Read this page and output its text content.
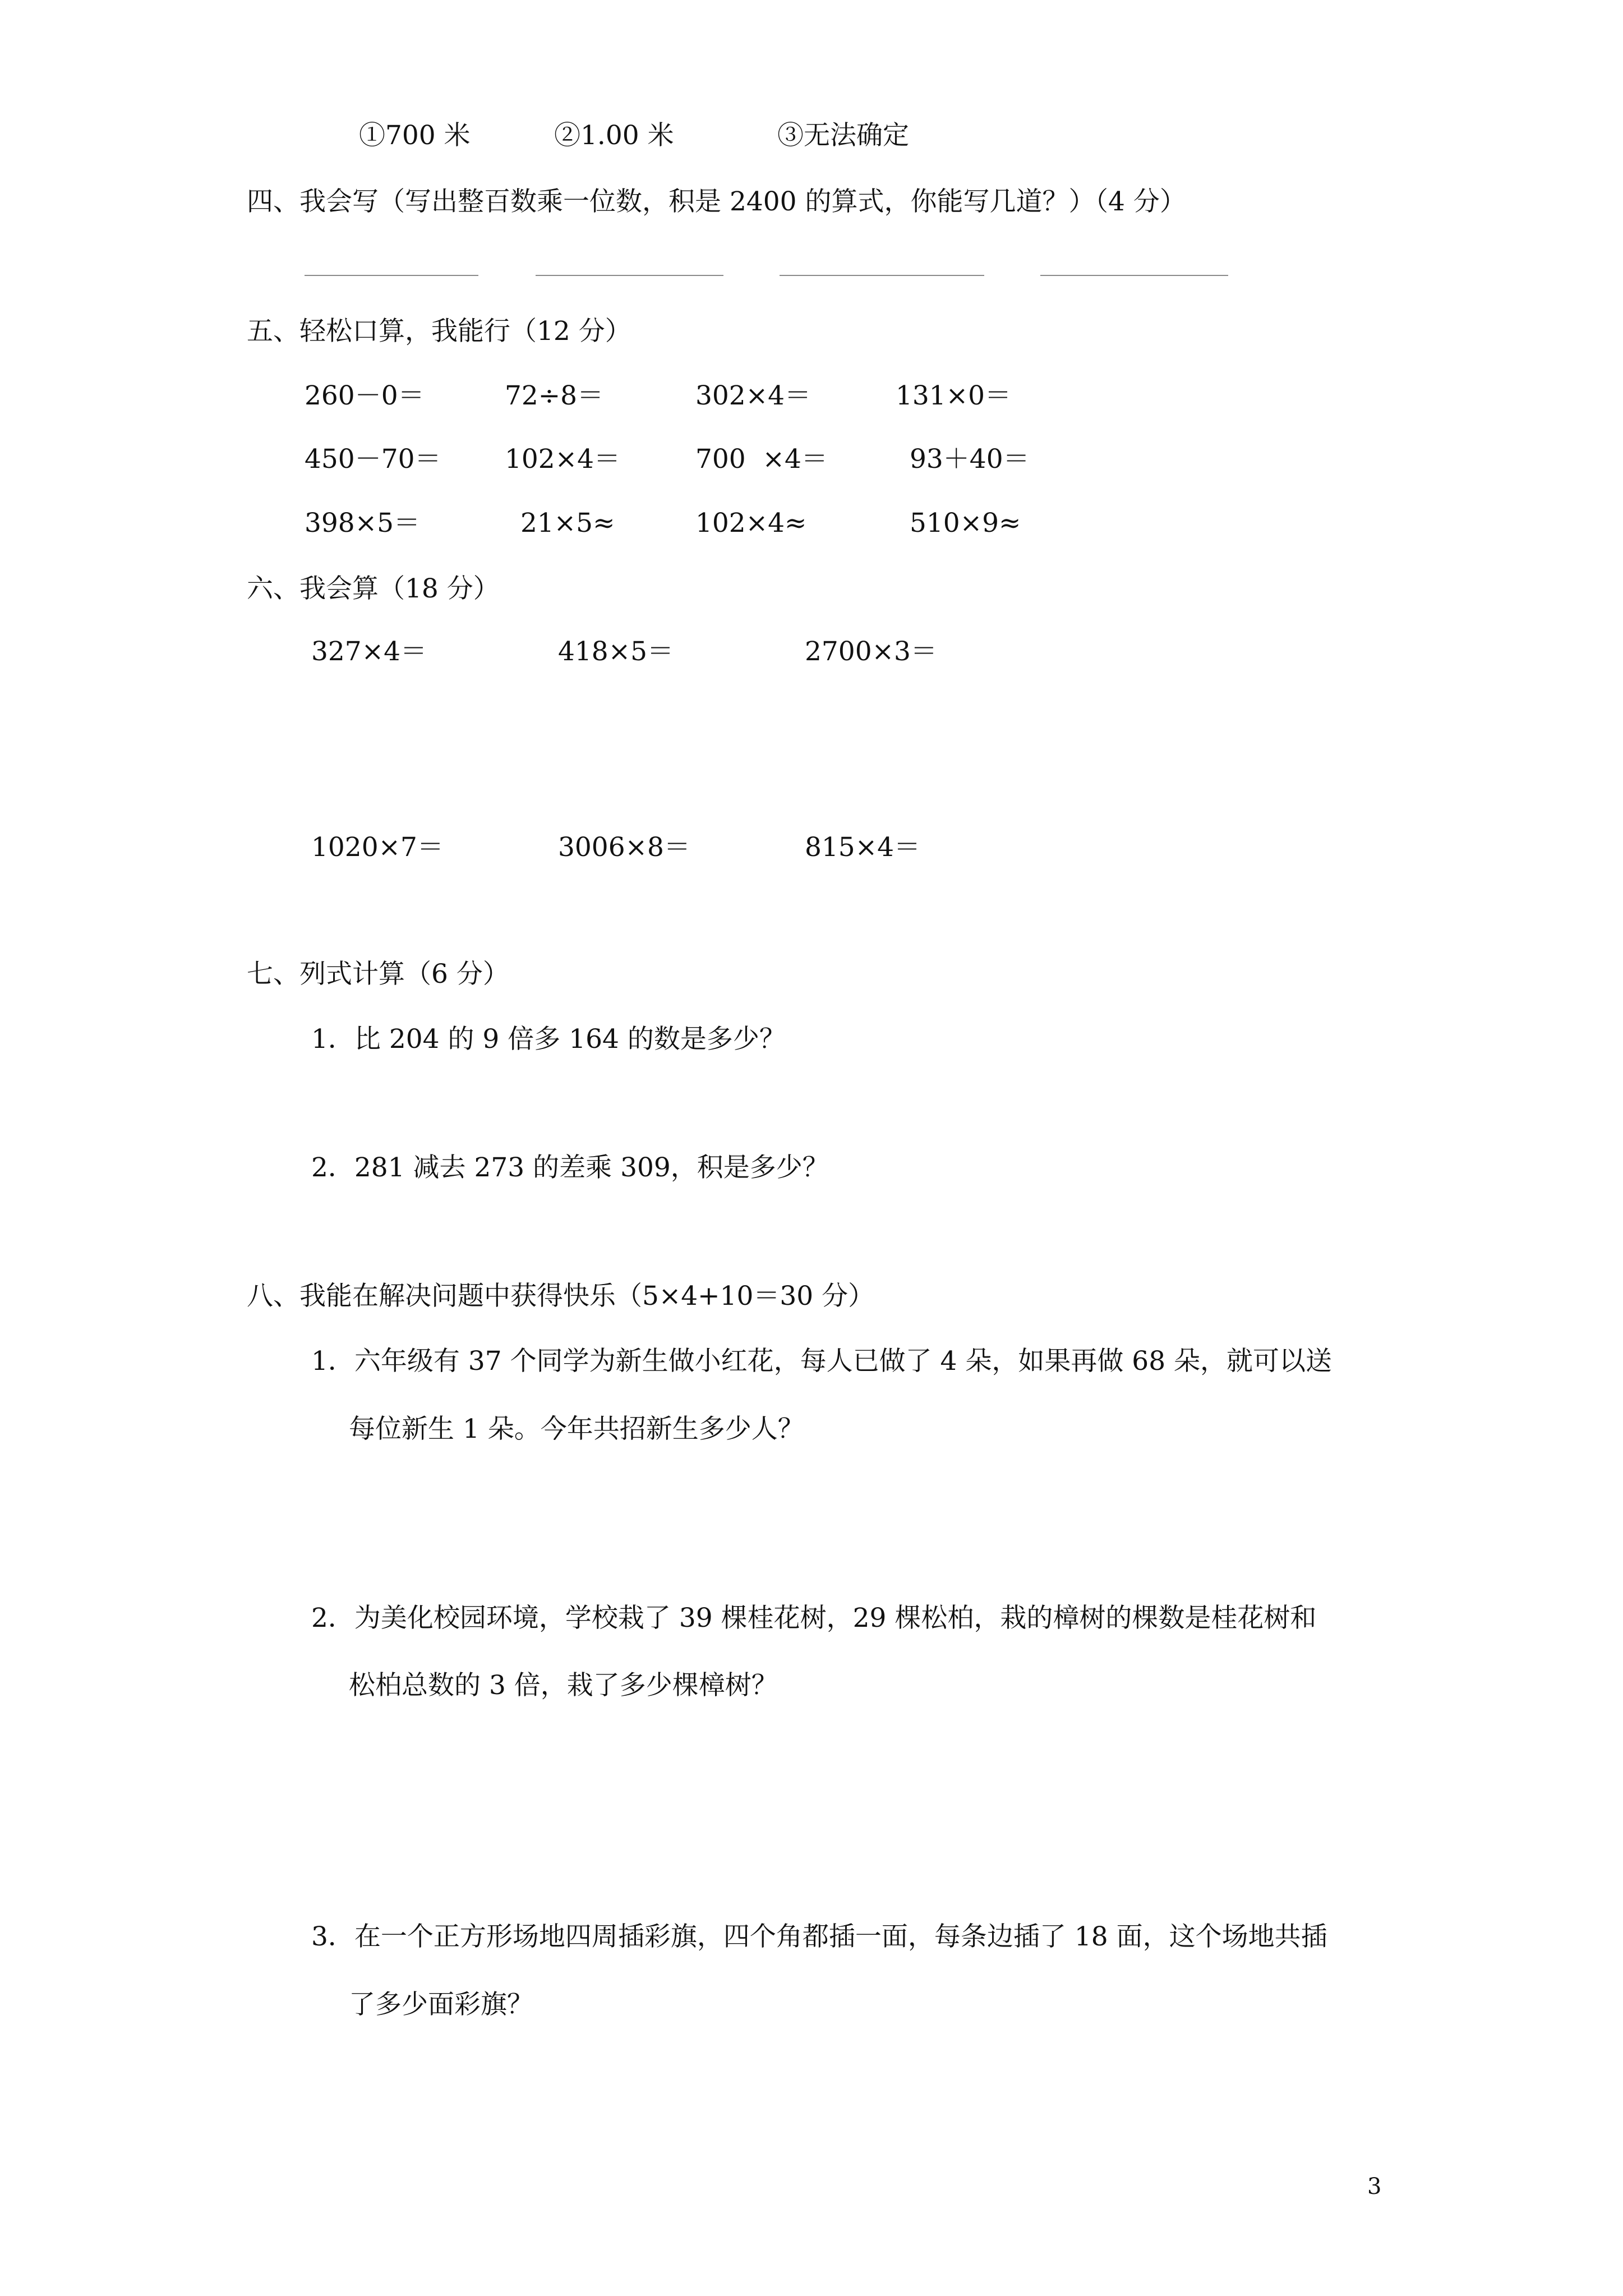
①700 米	②1.00 米	③无法确定
四、我会写（写出整百数乘一位数，积是 2400 的算式，你能写几道？）（4 分）
五、轻松口算，我能行（12 分）
260－0＝	72÷8＝	302×4＝	131×0＝
450－70＝ 102×4＝	700  ×4＝	93＋40＝
398×5＝	21×5≈	102×4≈	510×9≈
六、我会算（18 分）
327×4＝	418×5＝	2700×3＝
1020×7＝	3006×8＝	815×4＝
七、列式计算（6 分）
1．比 204 的 9 倍多 164 的数是多少？
2．281 减去 273 的差乘 309，积是多少？
八、我能在解决问题中获得快乐（5×4+10＝30 分）
1．六年级有 37 个同学为新生做小红花，每人已做了 4 朵，如果再做 68 朵，就可以送
每位新生 1 朵。今年共招新生多少人？
2．为美化校园环境，学校栽了 39 棵桂花树，29 棵松柏，栽的樟树的棵数是桂花树和
松柏总数的 3 倍，栽了多少棵樟树？
3．在一个正方形场地四周插彩旗，四个角都插一面，每条边插了 18 面，这个场地共插
了多少面彩旗？
3
